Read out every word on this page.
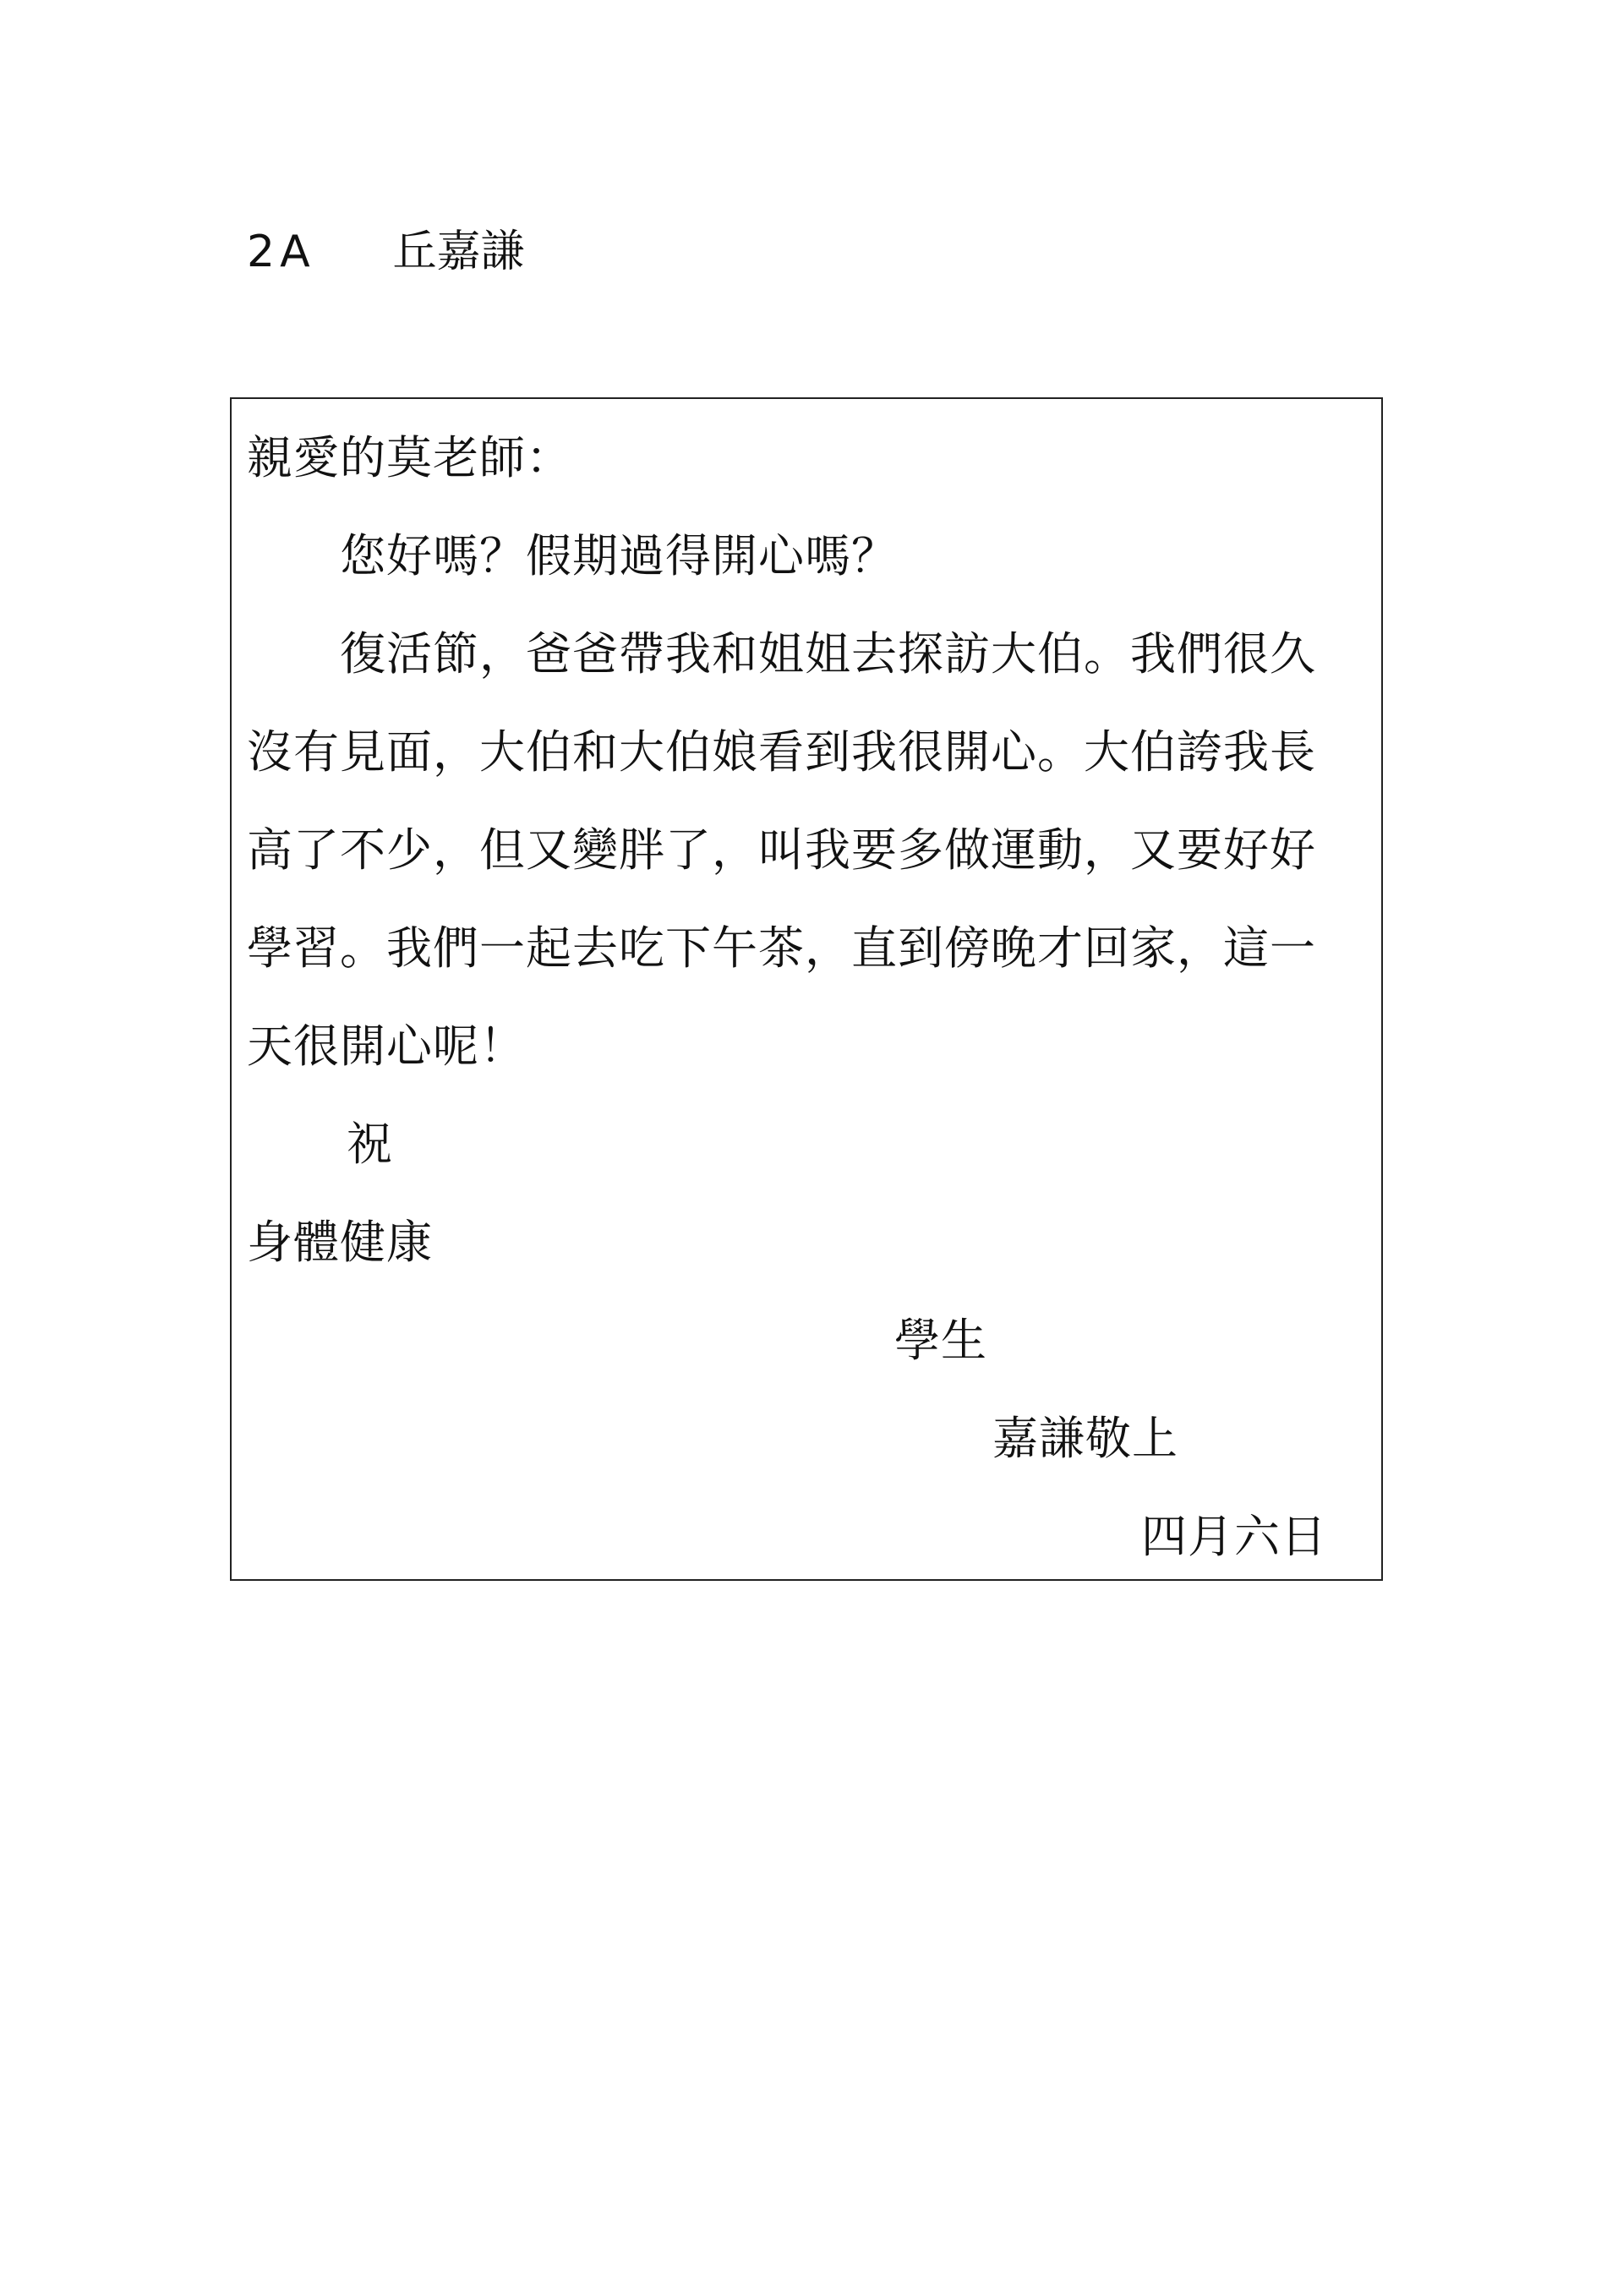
2A 丘嘉謙
親愛的莫老師：
　　您好嗎？假期過得開心嗎？
　　復活節，爸爸帶我和姐姐去探訪大伯。我們很久
沒有見面，大伯和大伯娘看到我很開心。大伯誇我長
高了不少，但又變胖了，叫我要多做運動，又要好好
學習。我們一起去吃下午茶，直到傍晚才回家，這一
天很開心呢！
祝
身體健康
學生
嘉謙敬上
四月六日
